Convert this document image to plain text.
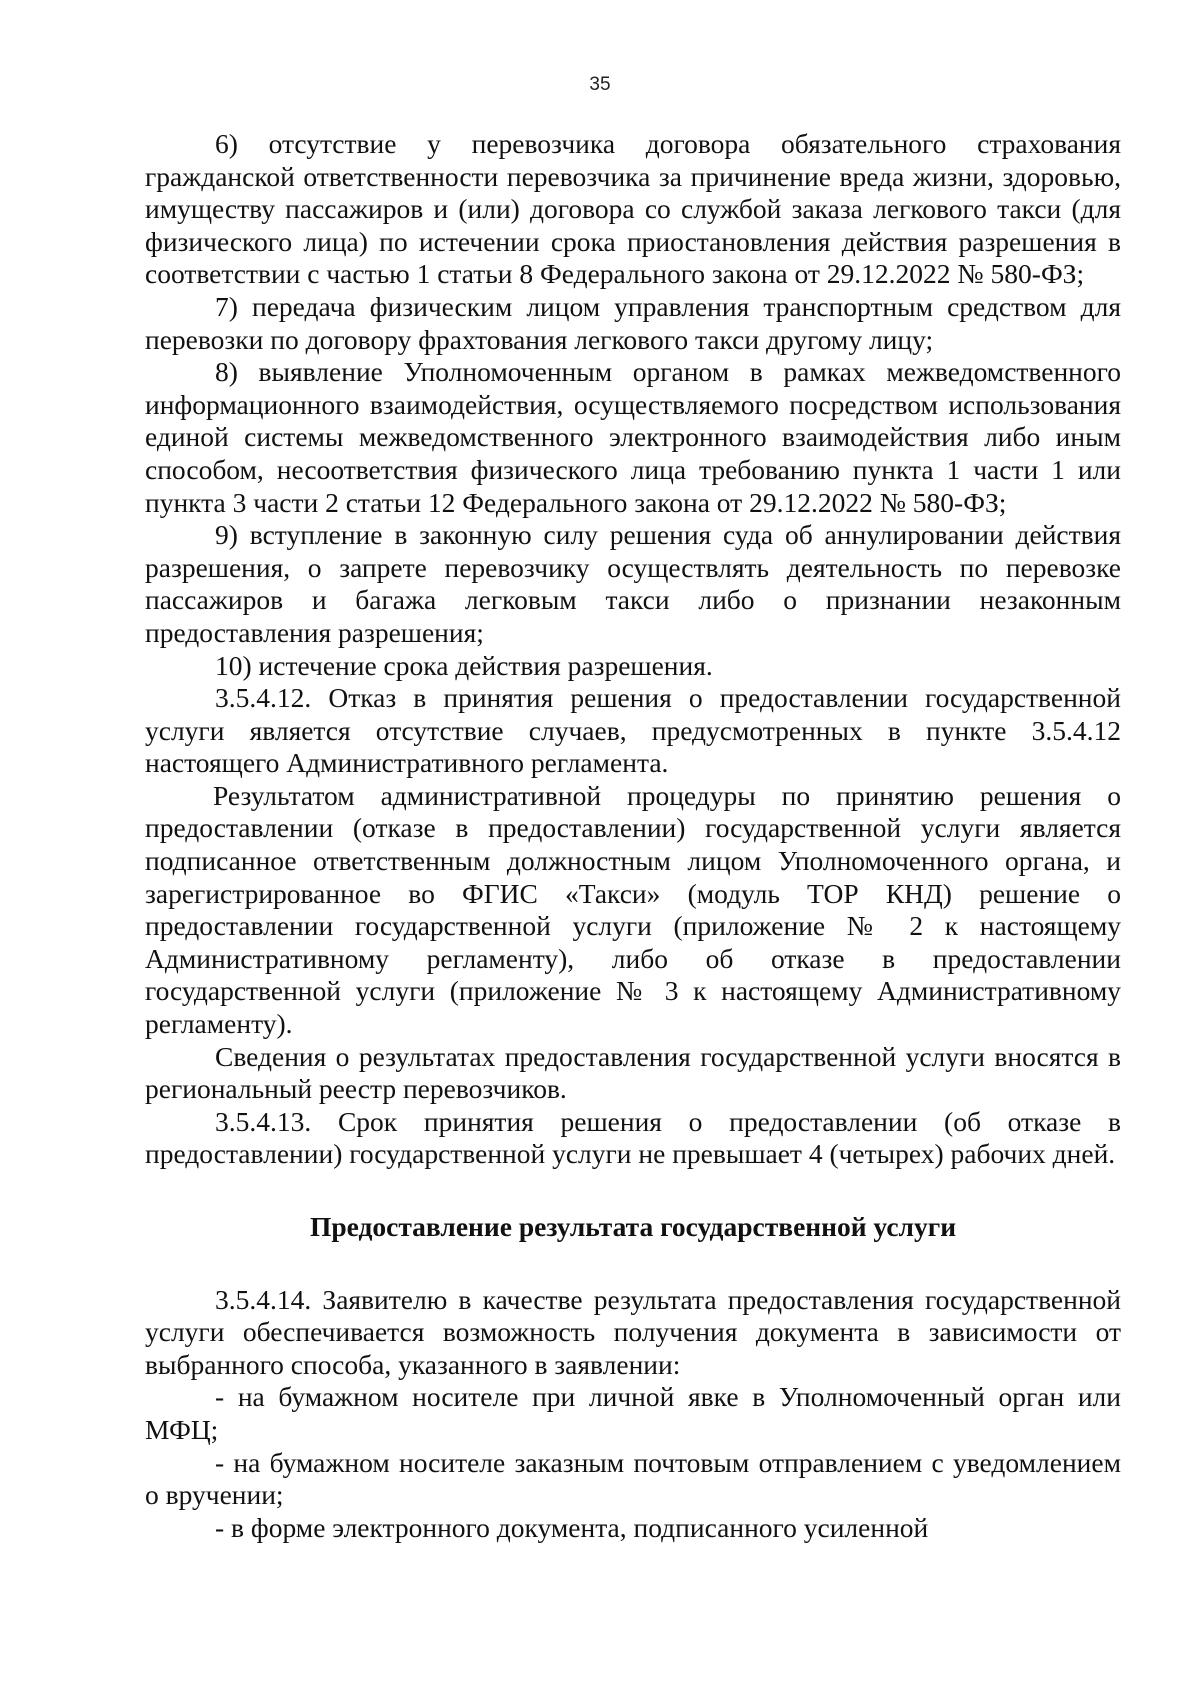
35

6) отсутствие у перевозчика договора обязательного страхования гражданской ответственности перевозчика за причинение вреда жизни, здоровью, имуществу пассажиров и (или) договора со службой заказа легкового такси (для физического лица) по истечении срока приостановления действия разрешения в соответствии с частью 1 статьи 8 Федерального закона от 29.12.2022 № 580-ФЗ;

7) передача физическим лицом управления транспортным средством для перевозки по договору фрахтования легкового такси другому лицу;

8) выявление Уполномоченным органом в рамках межведомственного информационного взаимодействия, осуществляемого посредством использования единой системы межведомственного электронного взаимодействия либо иным способом, несоответствия физического лица требованию пункта 1 части 1 или пункта 3 части 2 статьи 12 Федерального закона от 29.12.2022 № 580-ФЗ;

9) вступление в законную силу решения суда об аннулировании действия разрешения, о запрете перевозчику осуществлять деятельность по перевозке пассажиров и багажа легковым такси либо о признании незаконным предоставления разрешения;

10) истечение срока действия разрешения.

3.5.4.12. Отказ в принятия решения о предоставлении государственной услуги является отсутствие случаев, предусмотренных в пункте 3.5.4.12 настоящего Административного регламента.

Результатом административной процедуры по принятию решения о предоставлении (отказе в предоставлении) государственной услуги является подписанное ответственным должностным лицом Уполномоченного органа, и зарегистрированное во ФГИС «Такси» (модуль ТОР КНД) решение о предоставлении государственной услуги (приложение № 2 к настоящему Административному регламенту), либо об отказе в предоставлении государственной услуги (приложение № 3 к настоящему Административному регламенту).

Сведения о результатах предоставления государственной услуги вносятся в региональный реестр перевозчиков.

3.5.4.13. Срок принятия решения о предоставлении (об отказе в предоставлении) государственной услуги не превышает 4 (четырех) рабочих дней.

Предоставление результата государственной услуги

3.5.4.14. Заявителю в качестве результата предоставления государственной услуги обеспечивается возможность получения документа в зависимости от выбранного способа, указанного в заявлении:

- на бумажном носителе при личной явке в Уполномоченный орган или МФЦ;

- на бумажном носителе заказным почтовым отправлением с уведомлением о вручении;

- в форме электронного документа, подписанного усиленной
